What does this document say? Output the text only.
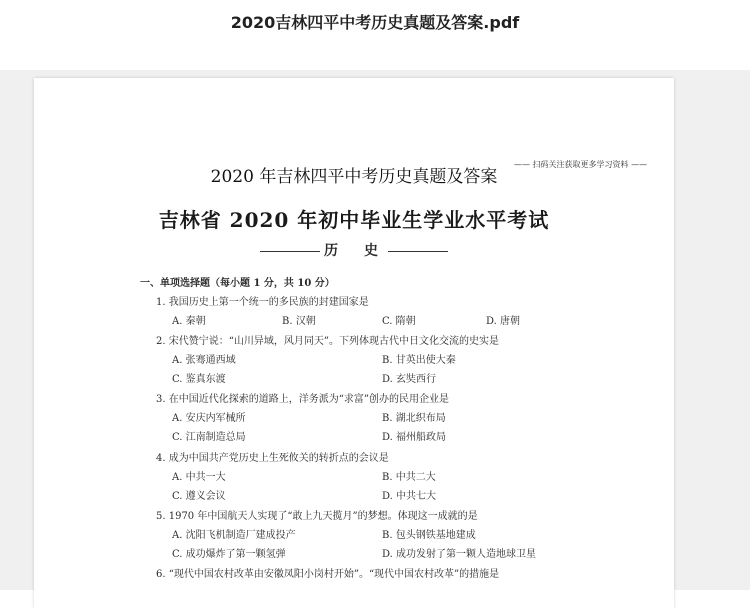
2020吉林四平中考历史真题及答案.pdf
—— 扫码关注获取更多学习资料 ——
2020 年吉林四平中考历史真题及答案
吉林省 2020 年初中毕业生学业水平考试
历　史
一、单项选择题（每小题 1 分，共 10 分）
1. 我国历史上第一个统一的多民族的封建国家是
A. 秦朝	B. 汉朝	C. 隋朝	D. 唐朝
2. 宋代赞宁说：“山川异域，风月同天”。下列体现古代中日文化交流的史实是
A. 张骞通西域	B. 甘英出使大秦
C. 鉴真东渡	D. 玄奘西行
3. 在中国近代化探索的道路上，洋务派为“求富”创办的民用企业是
A. 安庆内军械所	B. 湖北织布局
C. 江南制造总局	D. 福州船政局
4. 成为中国共产党历史上生死攸关的转折点的会议是
A. 中共一大	B. 中共二大
C. 遵义会议	D. 中共七大
5. 1970 年中国航天人实现了“敢上九天揽月”的梦想。体现这一成就的是
A. 沈阳飞机制造厂建成投产	B. 包头钢铁基地建成
C. 成功爆炸了第一颗氢弹	D. 成功发射了第一颗人造地球卫星
6. “现代中国农村改革由安徽凤阳小岗村开始”。“现代中国农村改革”的措施是
